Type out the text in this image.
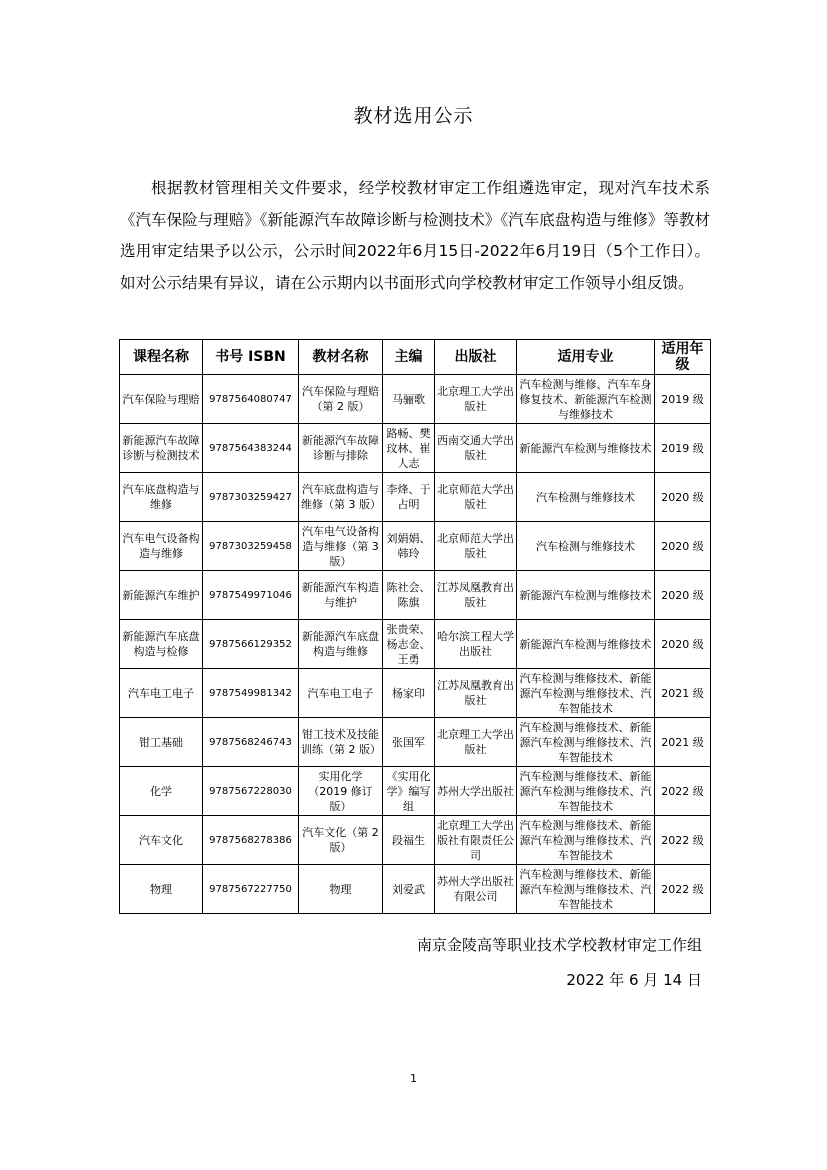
教材选用公示

根据教材管理相关文件要求，经学校教材审定工作组遴选审定，现对汽车技术系《汽车保险与理赔》《新能源汽车故障诊断与检测技术》《汽车底盘构造与维修》等教材选用审定结果予以公示，公示时间2022年6月15日-2022年6月19日（5个工作日）。如对公示结果有异议，请在公示期内以书面形式向学校教材审定工作领导小组反馈。

课程名称	书号 ISBN	教材名称	主编	出版社	适用专业	适用年级
汽车保险与理赔	9787564080747	汽车保险与理赔（第 2 版）	马骊歌	北京理工大学出版社	汽车检测与维修、汽车车身修复技术、新能源汽车检测与维修技术	2019 级
新能源汽车故障诊断与检测技术	9787564383244	新能源汽车故障诊断与排除	路畅、樊玟林、崔人志	西南交通大学出版社	新能源汽车检测与维修技术	2019 级
汽车底盘构造与维修	9787303259427	汽车底盘构造与维修（第 3 版）	李烽、于占明	北京师范大学出版社	汽车检测与维修技术	2020 级
汽车电气设备构造与维修	9787303259458	汽车电气设备构造与维修（第 3 版）	刘娟娟、韩玲	北京师范大学出版社	汽车检测与维修技术	2020 级
新能源汽车维护	9787549971046	新能源汽车构造与维护	陈社会、陈旗	江苏凤凰教育出版社	新能源汽车检测与维修技术	2020 级
新能源汽车底盘构造与检修	9787566129352	新能源汽车底盘构造与维修	张贵荣、杨志金、王勇	哈尔滨工程大学出版社	新能源汽车检测与维修技术	2020 级
汽车电工电子	9787549981342	汽车电工电子	杨家印	江苏凤凰教育出版社	汽车检测与维修技术、新能源汽车检测与维修技术、汽车智能技术	2021 级
钳工基础	9787568246743	钳工技术及技能训练（第 2 版）	张国军	北京理工大学出版社	汽车检测与维修技术、新能源汽车检测与维修技术、汽车智能技术	2021 级
化学	9787567228030	实用化学（2019 修订版）	《实用化学》编写组	苏州大学出版社	汽车检测与维修技术、新能源汽车检测与维修技术、汽车智能技术	2022 级
汽车文化	9787568278386	汽车文化（第 2 版）	段福生	北京理工大学出版社有限责任公司	汽车检测与维修技术、新能源汽车检测与维修技术、汽车智能技术	2022 级
物理	9787567227750	物理	刘爱武	苏州大学出版社有限公司	汽车检测与维修技术、新能源汽车检测与维修技术、汽车智能技术	2022 级
南京金陵高等职业技术学校教材审定工作组
2022 年 6 月 14 日
1
